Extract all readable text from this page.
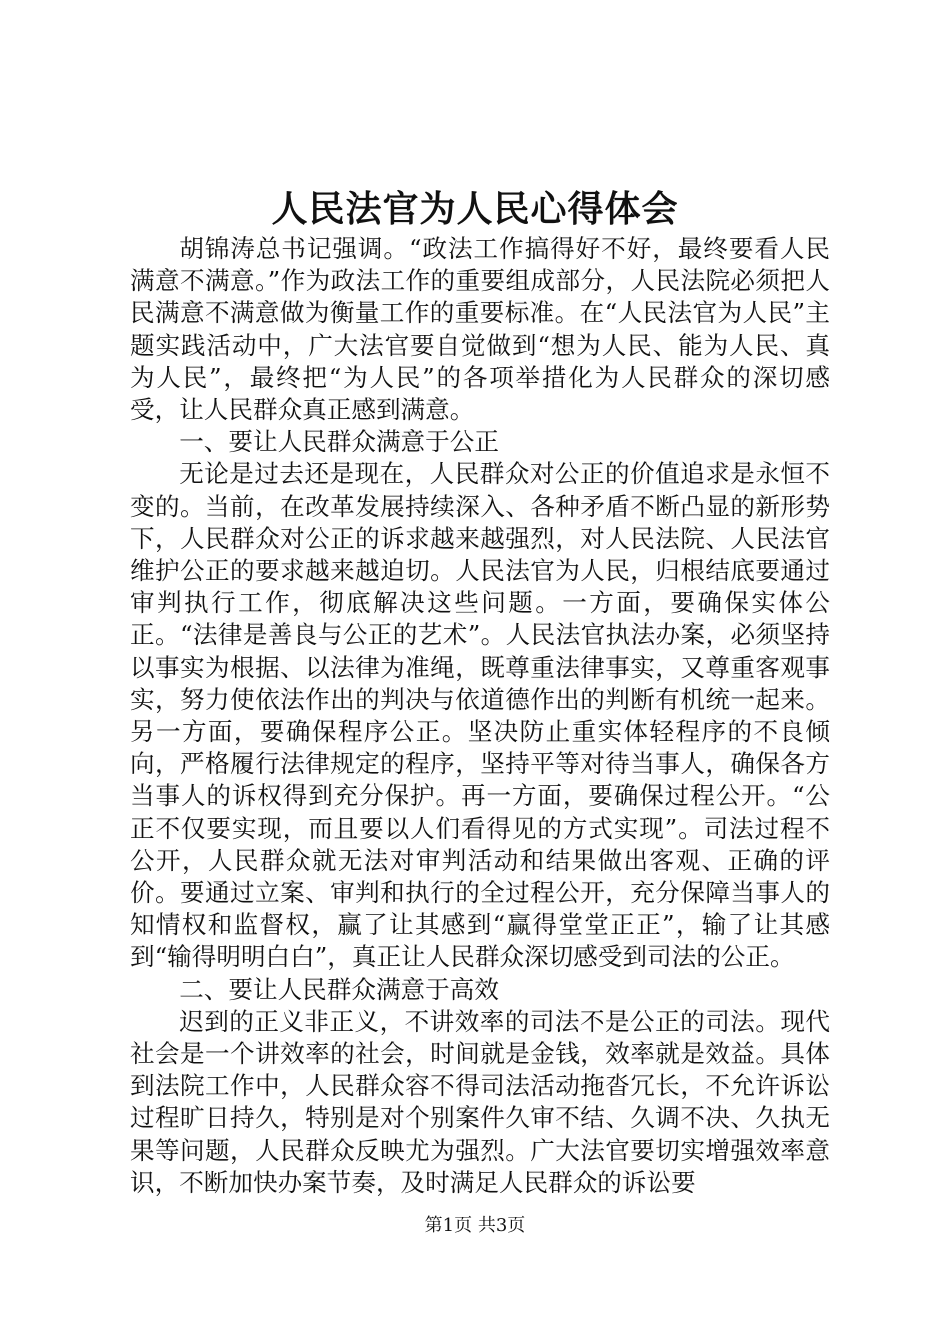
人民法官为人民心得体会

胡锦涛总书记强调。“政法工作搞得好不好，最终要看人民满意不满意。”作为政法工作的重要组成部分，人民法院必须把人民满意不满意做为衡量工作的重要标准。在“人民法官为人民”主题实践活动中，广大法官要自觉做到“想为人民、能为人民、真为人民”，最终把“为人民”的各项举措化为人民群众的深切感受，让人民群众真正感到满意。

一、要让人民群众满意于公正

无论是过去还是现在，人民群众对公正的价值追求是永恒不变的。当前，在改革发展持续深入、各种矛盾不断凸显的新形势下，人民群众对公正的诉求越来越强烈，对人民法院、人民法官维护公正的要求越来越迫切。人民法官为人民，归根结底要通过审判执行工作，彻底解决这些问题。一方面，要确保实体公正。“法律是善良与公正的艺术”。人民法官执法办案，必须坚持以事实为根据、以法律为准绳，既尊重法律事实，又尊重客观事实，努力使依法作出的判决与依道德作出的判断有机统一起来。另一方面，要确保程序公正。坚决防止重实体轻程序的不良倾向，严格履行法律规定的程序，坚持平等对待当事人，确保各方当事人的诉权得到充分保护。再一方面，要确保过程公开。“公正不仅要实现，而且要以人们看得见的方式实现”。司法过程不公开，人民群众就无法对审判活动和结果做出客观、正确的评价。要通过立案、审判和执行的全过程公开，充分保障当事人的知情权和监督权，赢了让其感到“赢得堂堂正正”，输了让其感到“输得明明白白”，真正让人民群众深切感受到司法的公正。

二、要让人民群众满意于高效

迟到的正义非正义，不讲效率的司法不是公正的司法。现代社会是一个讲效率的社会，时间就是金钱，效率就是效益。具体到法院工作中，人民群众容不得司法活动拖沓冗长，不允许诉讼过程旷日持久，特别是对个别案件久审不结、久调不决、久执无果等问题，人民群众反映尤为强烈。广大法官要切实增强效率意识，不断加快办案节奏，及时满足人民群众的诉讼要

第1页 共3页
